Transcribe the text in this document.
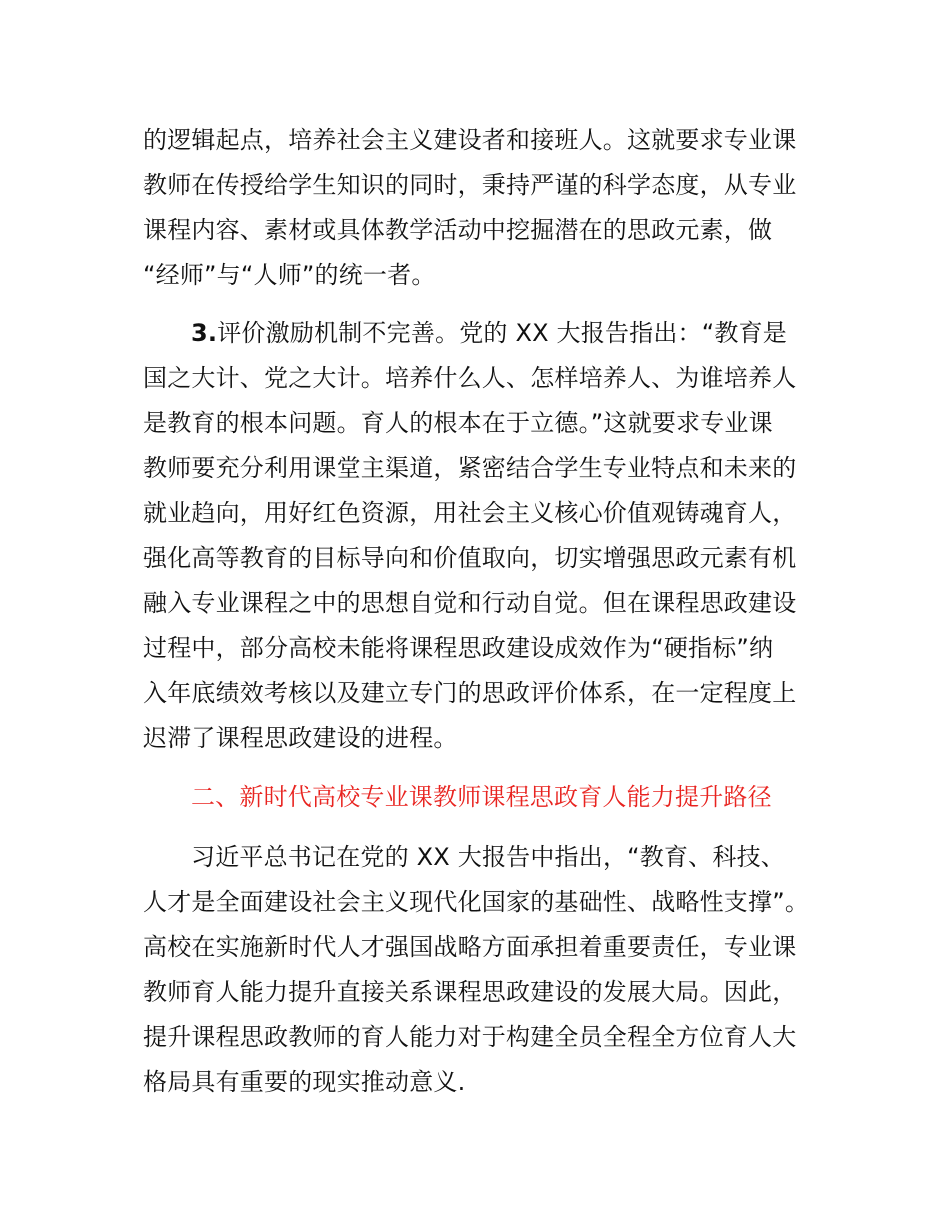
的逻辑起点，培养社会主义建设者和接班人。这就要求专业课
教师在传授给学生知识的同时，秉持严谨的科学态度，从专业
课程内容、素材或具体教学活动中挖掘潜在的思政元素，做
“经师”与“人师”的统一者。
3.评价激励机制不完善。党的 XX 大报告指出：“教育是
国之大计、党之大计。培养什么人、怎样培养人、为谁培养人
是教育的根本问题。育人的根本在于立德。”这就要求专业课
教师要充分利用课堂主渠道，紧密结合学生专业特点和未来的
就业趋向，用好红色资源，用社会主义核心价值观铸魂育人，
强化高等教育的目标导向和价值取向，切实增强思政元素有机
融入专业课程之中的思想自觉和行动自觉。但在课程思政建设
过程中，部分高校未能将课程思政建设成效作为“硬指标”纳
入年底绩效考核以及建立专门的思政评价体系，在一定程度上
迟滞了课程思政建设的进程。
二、新时代高校专业课教师课程思政育人能力提升路径
习近平总书记在党的 XX 大报告中指出，“教育、科技、
人才是全面建设社会主义现代化国家的基础性、战略性支撑”。
高校在实施新时代人才强国战略方面承担着重要责任，专业课
教师育人能力提升直接关系课程思政建设的发展大局。因此，
提升课程思政教师的育人能力对于构建全员全程全方位育人大
格局具有重要的现实推动意义.
